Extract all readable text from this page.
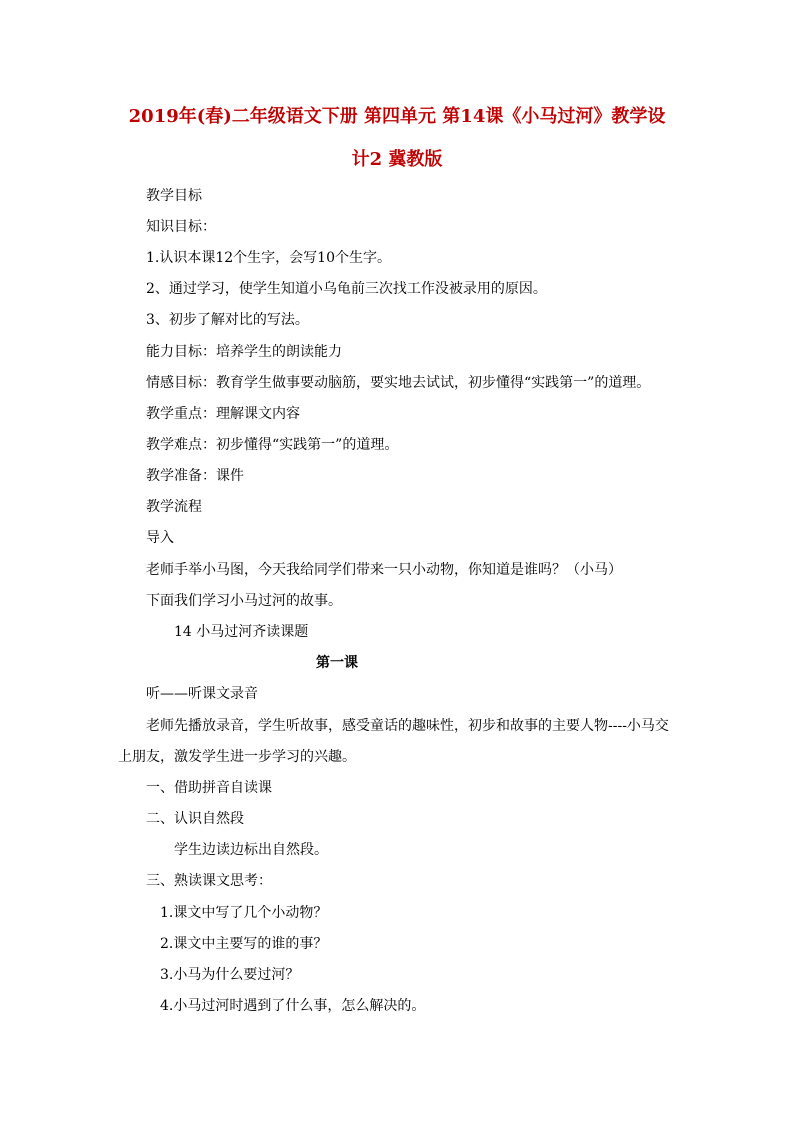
2019年(春)二年级语文下册 第四单元 第14课《小马过河》教学设
计2 冀教版
教学目标
知识目标：
1.认识本课12个生字，会写10个生字。
2、通过学习，使学生知道小乌龟前三次找工作没被录用的原因。
3、初步了解对比的写法。
能力目标：培养学生的朗读能力
情感目标：教育学生做事要动脑筋，要实地去试试，初步懂得“实践第一”的道理。
教学重点：理解课文内容
教学难点：初步懂得“实践第一”的道理。
教学准备：课件
教学流程
导入
老师手举小马图，今天我给同学们带来一只小动物，你知道是谁吗？（小马）
下面我们学习小马过河的故事。
14 小马过河齐读课题
第一课
听——听课文录音
老师先播放录音，学生听故事，感受童话的趣味性，初步和故事的主要人物----小马交
上朋友，激发学生进一步学习的兴趣。
一、借助拼音自读课
二、认识自然段
学生边读边标出自然段。
三、熟读课文思考：
1.课文中写了几个小动物？
2.课文中主要写的谁的事？
3.小马为什么要过河？
4.小马过河时遇到了什么事，怎么解决的。
